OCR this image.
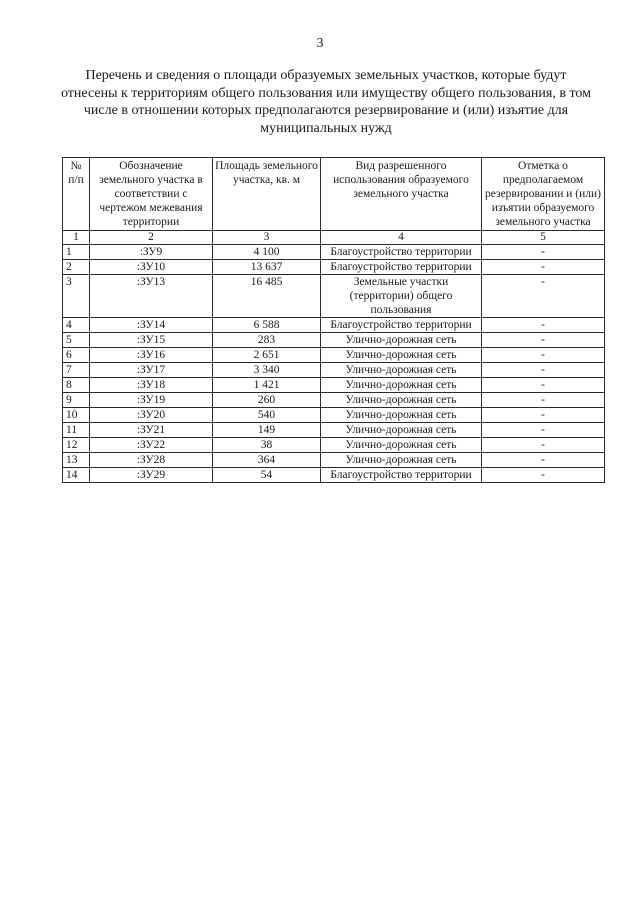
3
Перечень и сведения о площади образуемых земельных участков, которые будут отнесены к территориям общего пользования или имуществу общего пользования, в том числе в отношении которых предполагаются резервирование и (или) изъятие для муниципальных нужд
№ п/п	Обозначение земельного участка в соответствии с чертежом межевания территории	Площадь земельного участка, кв. м	Вид разрешенного использования образуемого земельного участка	Отметка о предполагаемом резервировании и (или) изъятии образуемого земельного участка
1	2	3	4	5
1	:ЗУ9	4 100	Благоустройство территории	-
2	:ЗУ10	13 637	Благоустройство территории	-
3	:ЗУ13	16 485	Земельные участки (территории) общего пользования	-
4	:ЗУ14	6 588	Благоустройство территории	-
5	:ЗУ15	283	Улично-дорожная сеть	-
6	:ЗУ16	2 651	Улично-дорожная сеть	-
7	:ЗУ17	3 340	Улично-дорожная сеть	-
8	:ЗУ18	1 421	Улично-дорожная сеть	-
9	:ЗУ19	260	Улично-дорожная сеть	-
10	:ЗУ20	540	Улично-дорожная сеть	-
11	:ЗУ21	149	Улично-дорожная сеть	-
12	:ЗУ22	38	Улично-дорожная сеть	-
13	:ЗУ28	364	Улично-дорожная сеть	-
14	:ЗУ29	54	Благоустройство территории	-
